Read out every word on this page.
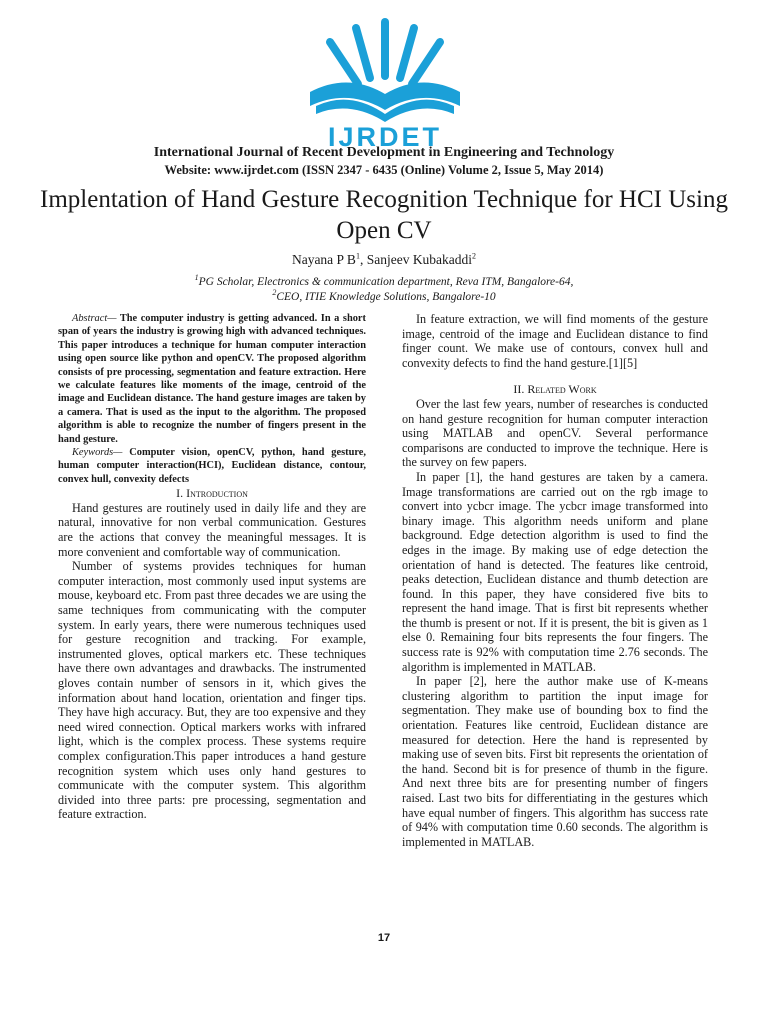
IJRDET
International Journal of Recent Development in Engineering and Technology
Website: www.ijrdet.com (ISSN 2347 - 6435 (Online) Volume 2, Issue 5, May 2014)
Implentation of Hand Gesture Recognition Technique for HCI Using Open CV
Nayana P $B^1$, Sanjeev Kubakaddi$^2$
$^1$PG Scholar, Electronics & communication department, Reva ITM, Bangalore-64,
$^2$CEO, ITIE Knowledge Solutions, Bangalore-10

Abstract— The computer industry is getting advanced. In a short span of years the industry is growing high with advanced techniques. This paper introduces a technique for human computer interaction using open source like python and openCV. The proposed algorithm consists of pre processing, segmentation and feature extraction. Here we calculate features like moments of the image, centroid of the image and Euclidean distance. The hand gesture images are taken by a camera. That is used as the input to the algorithm. The proposed algorithm is able to recognize the number of fingers present in the hand gesture.

Keywords— Computer vision, openCV, python, hand gesture, human computer interaction(HCI), Euclidean distance, contour, convex hull, convexity defects

I. Introduction

Hand gestures are routinely used in daily life and they are natural, innovative for non verbal communication. Gestures are the actions that convey the meaningful messages. It is more convenient and comfortable way of communication.

Number of systems provides techniques for human computer interaction, most commonly used input systems are mouse, keyboard etc. From past three decades we are using the same techniques from communicating with the computer system. In early years, there were numerous techniques used for gesture recognition and tracking. For example, instrumented gloves, optical markers etc. These techniques have there own advantages and drawbacks. The instrumented gloves contain number of sensors in it, which gives the information about hand location, orientation and finger tips. They have high accuracy. But, they are too expensive and they need wired connection. Optical markers works with infrared light, which is the complex process. These systems require complex configuration.This paper introduces a hand gesture recognition system which uses only hand gestures to communicate with the computer system. This algorithm divided into three parts: pre processing, segmentation and feature extraction.

In feature extraction, we will find moments of the gesture image, centroid of the image and Euclidean distance to find finger count. We make use of contours, convex hull and convexity defects to find the hand gesture.[1][5]

II. Related Work

Over the last few years, number of researches is conducted on hand gesture recognition for human computer interaction using MATLAB and openCV. Several performance comparisons are conducted to improve the technique. Here is the survey on few papers.

In paper [1], the hand gestures are taken by a camera. Image transformations are carried out on the rgb image to convert into ycbcr image. The ycbcr image transformed into binary image. This algorithm needs uniform and plane background. Edge detection algorithm is used to find the edges in the image. By making use of edge detection the orientation of hand is detected. The features like centroid, peaks detection, Euclidean distance and thumb detection are found. In this paper, they have considered five bits to represent the hand image. That is first bit represents whether the thumb is present or not. If it is present, the bit is given as 1 else 0. Remaining four bits represents the four fingers. The success rate is 92% with computation time 2.76 seconds. The algorithm is implemented in MATLAB.

In paper [2], here the author make use of K-means clustering algorithm to partition the input image for segmentation. They make use of bounding box to find the orientation. Features like centroid, Euclidean distance are measured for detection. Here the hand is represented by making use of seven bits. First bit represents the orientation of the hand. Second bit is for presence of thumb in the figure. And next three bits are for presenting number of fingers raised. Last two bits for differentiating in the gestures which have equal number of fingers. This algorithm has success rate of 94% with computation time 0.60 seconds. The algorithm is implemented in MATLAB.

17
